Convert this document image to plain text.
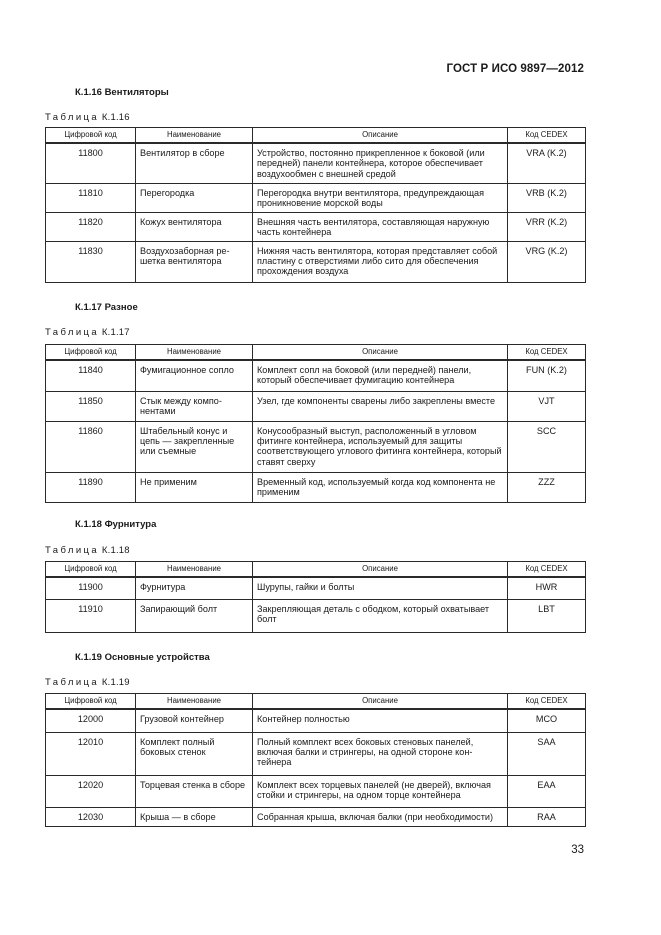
ГОСТ Р ИСО 9897—2012
К.1.16 Вентиляторы
Таблица К.1.16
Цифровой код	Наименование	Описание	Код CEDEX
11800	Вентилятор в сборе	Устройство, постоянно прикрепленное к боковой (или передней) панели контейнера, которое обеспечивает воздухообмен с внешней средой	VRA (K.2)
11810	Перегородка	Перегородка внутри вентилятора, предупреждающая проникновение морской воды	VRB (K.2)
11820	Кожух вентилятора	Внешняя часть вентилятора, составляющая наружную часть контейнера	VRR (K.2)
11830	Воздухозаборная решетка вентилятора	Нижняя часть вентилятора, которая представляет собой пластину с отверстиями либо сито для обеспечения прохождения воздуха	VRG (K.2)
К.1.17 Разное
Таблица К.1.17
Цифровой код	Наименование	Описание	Код CEDEX
11840	Фумигационное сопло	Комплект сопл на боковой (или передней) панели, который обеспечивает фумигацию контейнера	FUN (K.2)
11850	Стык между компонентами	Узел, где компоненты сварены либо закреплены вместе	VJT
11860	Штабельный конус и цепь — закрепленные или съемные	Конусообразный выступ, расположенный в угловом фитинге контейнера, используемый для защиты соответствующего углового фитинга контейнера, который ставят сверху	SCC
11890	Не применим	Временный код, используемый когда код компонента не применим	ZZZ
К.1.18 Фурнитура
Таблица К.1.18
Цифровой код	Наименование	Описание	Код CEDEX
11900	Фурнитура	Шурупы, гайки и болты	HWR
11910	Запирающий болт	Закрепляющая деталь с ободком, который охватывает болт	LBT
К.1.19 Основные устройства
Таблица К.1.19
Цифровой код	Наименование	Описание	Код CEDEX
12000	Грузовой контейнер	Контейнер полностью	MCO
12010	Комплект полный боковых стенок	Полный комплект всех боковых стеновых панелей, включая балки и стрингеры, на одной стороне контейнера	SAA
12020	Торцевая стенка в сборе	Комплект всех торцевых панелей (не дверей), включая стойки и стрингеры, на одном торце контейнера	EAA
12030	Крыша — в сборе	Собранная крыша, включая балки (при необходимости)	RAA
33
